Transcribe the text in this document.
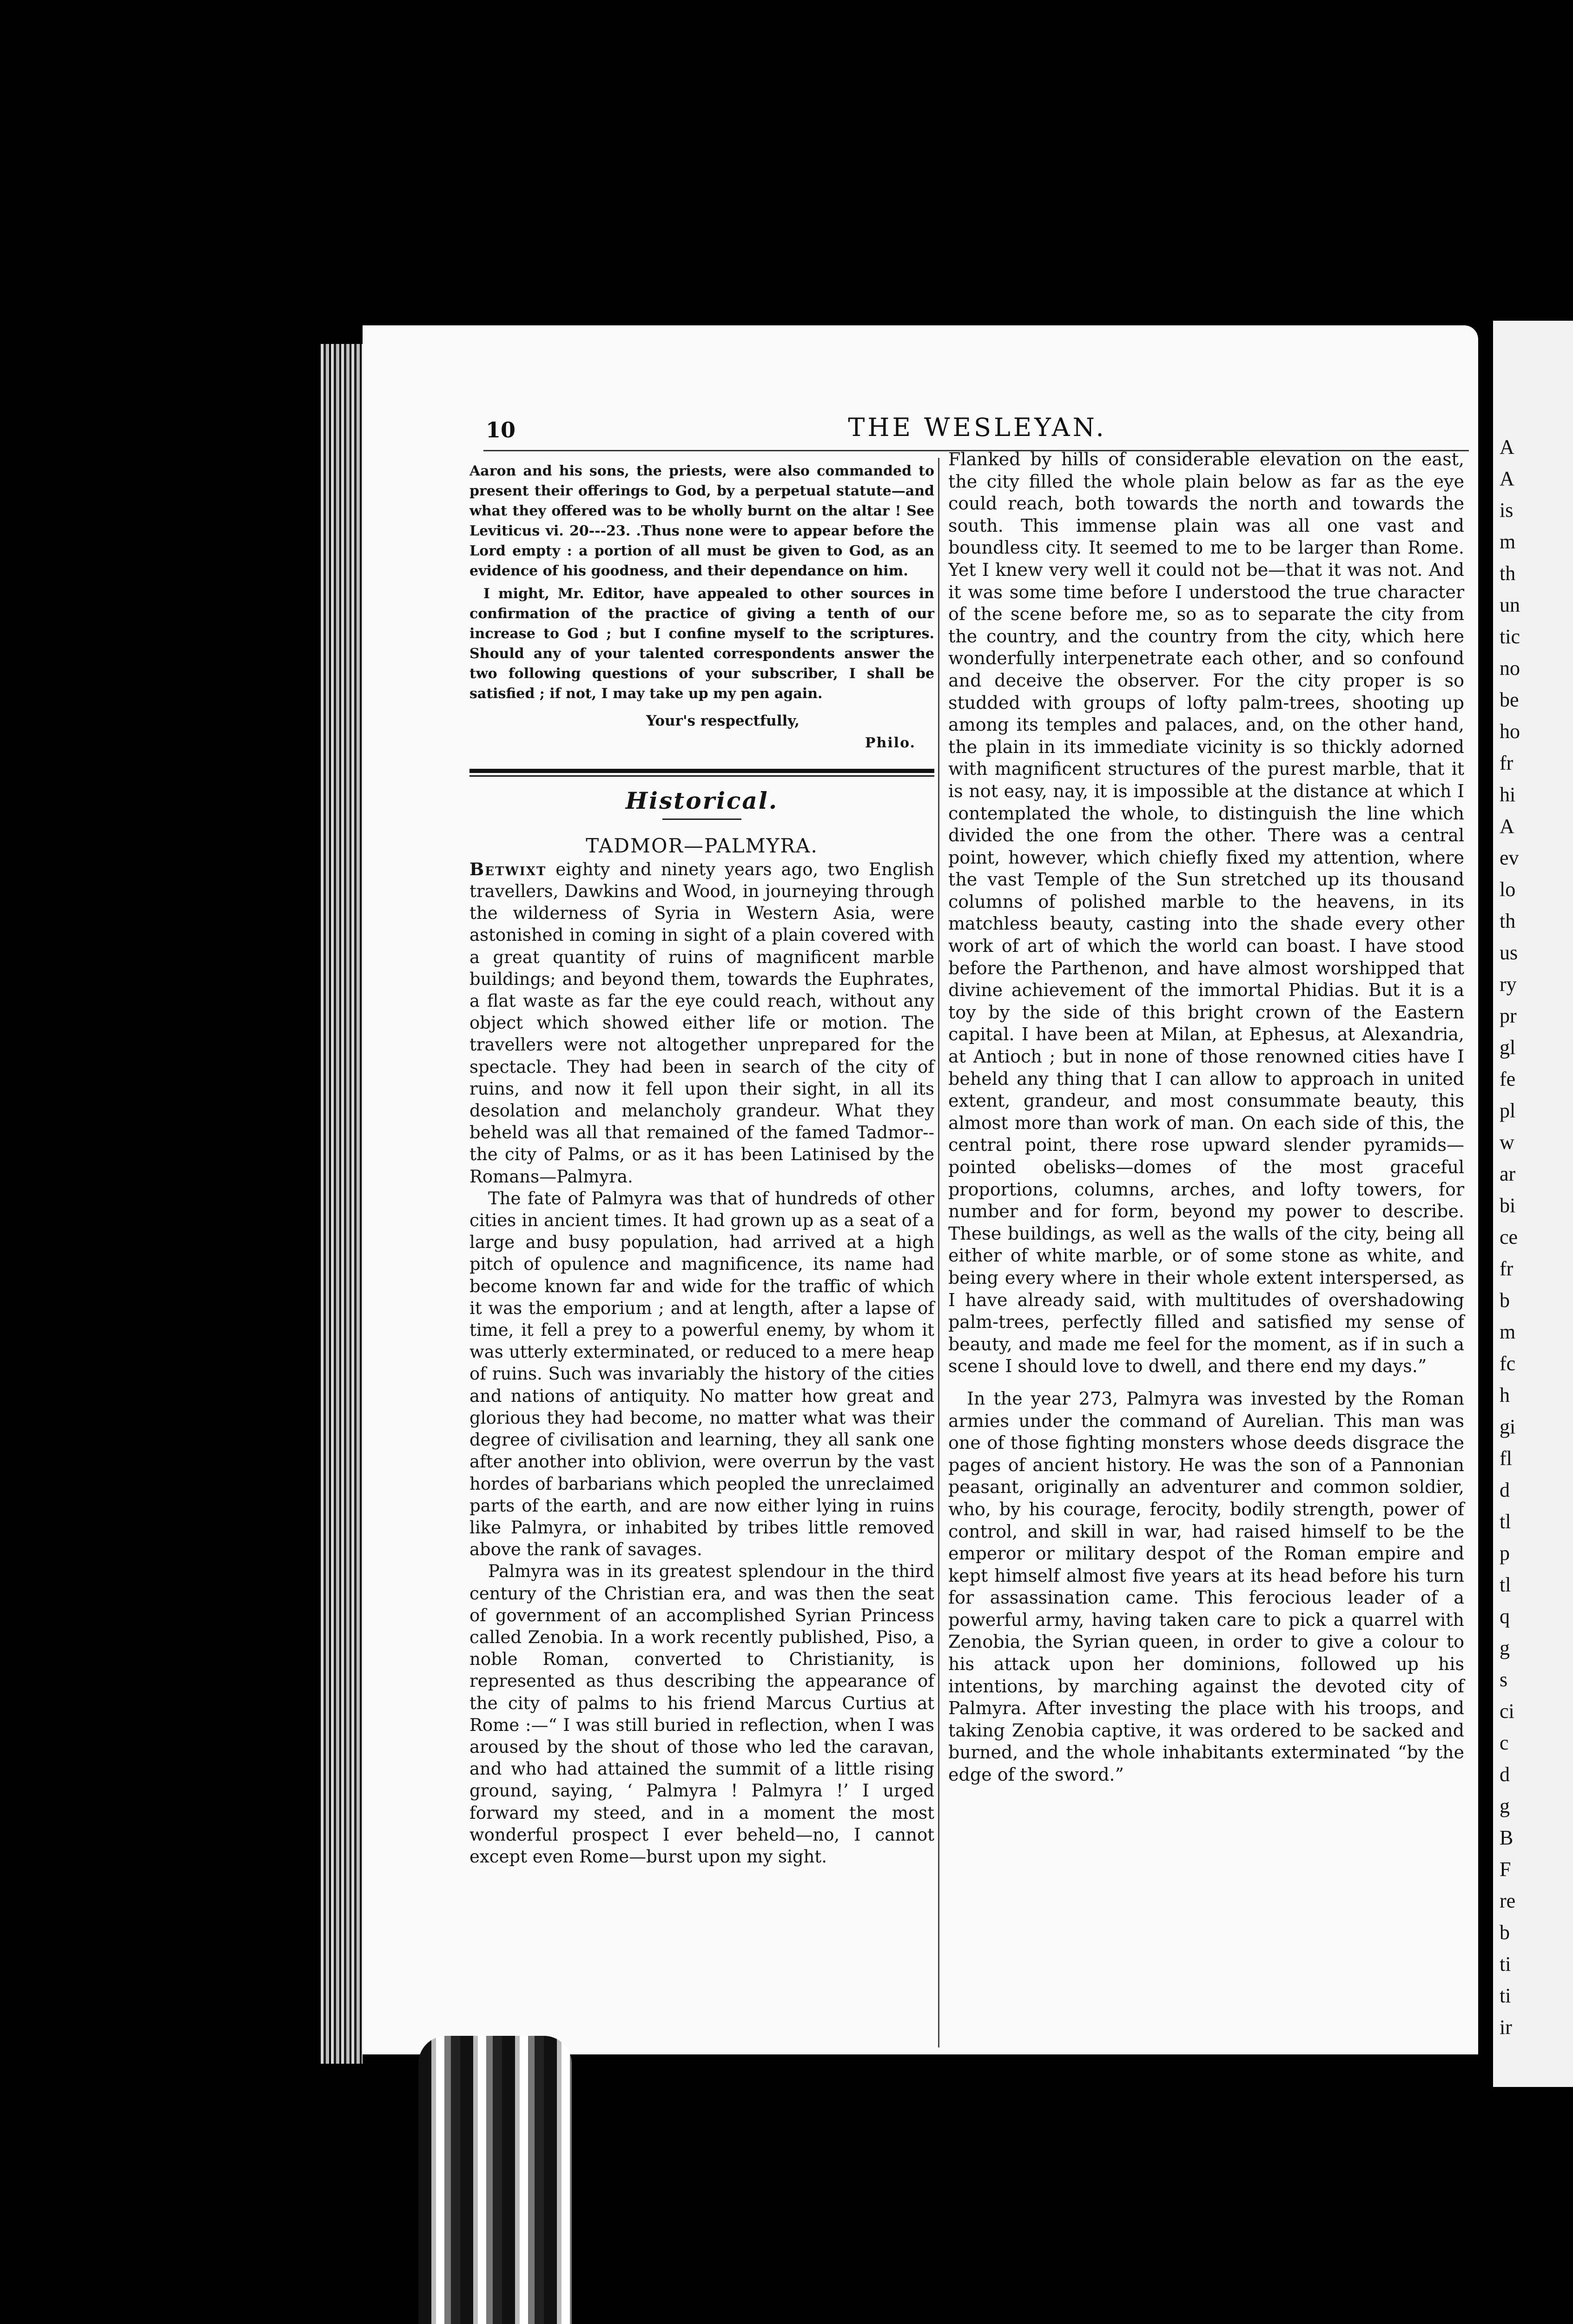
A
A
is
m
th
un
tic
no
be
ho
fr
hi
A
ev
lo
th
us
ry
pr
gl
fe
pl
w
ar
bi
ce
fr
b
m
fc
h
gi
fl
d
tl
p
tl
q
g
s
ci
c
d
g
B
F
re
b
ti
ti
ir
10	THE WESLEYAN.

Aaron and his sons, the priests, were also commanded to present their offerings to God, by a perpetual statute—and what they offered was to be wholly burnt on the altar ! See Leviticus vi. 20---23. .Thus none were to appear before the Lord empty : a portion of all must be given to God, as an evidence of his goodness, and their dependance on him.

I might, Mr. Editor, have appealed to other sources in confirmation of the practice of giving a tenth of our increase to God ; but I confine myself to the scriptures. Should any of your talented correspondents answer the two following questions of your subscriber, I shall be satisfied ; if not, I may take up my pen again.

Your's respectfully,

Philo.

Historical.
TADMOR—PALMYRA.

Betwixt eighty and ninety years ago, two English travellers, Dawkins and Wood, in journeying through the wilderness of Syria in Western Asia, were astonished in coming in sight of a plain covered with a great quantity of ruins of magnificent marble buildings; and beyond them, towards the Euphrates, a flat waste as far the eye could reach, without any object which showed either life or motion. The travellers were not altogether unprepared for the spectacle. They had been in search of the city of ruins, and now it fell upon their sight, in all its desolation and melancholy grandeur. What they beheld was all that remained of the famed Tadmor--the city of Palms, or as it has been Latinised by the Romans—Palmyra.

The fate of Palmyra was that of hundreds of other cities in ancient times. It had grown up as a seat of a large and busy population, had arrived at a high pitch of opulence and magnificence, its name had become known far and wide for the traffic of which it was the emporium ; and at length, after a lapse of time, it fell a prey to a powerful enemy, by whom it was utterly exterminated, or reduced to a mere heap of ruins. Such was invariably the history of the cities and nations of antiquity. No matter how great and glorious they had become, no matter what was their degree of civilisation and learning, they all sank one after another into oblivion, were overrun by the vast hordes of barbarians which peopled the unreclaimed parts of the earth, and are now either lying in ruins like Palmyra, or inhabited by tribes little removed above the rank of savages.

Palmyra was in its greatest splendour in the third century of the Christian era, and was then the seat of government of an accomplished Syrian Princess called Zenobia. In a work recently published, Piso, a noble Roman, converted to Christianity, is represented as thus describing the appearance of the city of palms to his friend Marcus Curtius at Rome :—“ I was still buried in reflection, when I was aroused by the shout of those who led the caravan, and who had attained the summit of a little rising ground, saying, ‘ Palmyra ! Palmyra !’ I urged forward my steed, and in a moment the most wonderful prospect I ever beheld—no, I cannot except even Rome—burst upon my sight.

Flanked by hills of considerable elevation on the east, the city filled the whole plain below as far as the eye could reach, both towards the north and towards the south. This immense plain was all one vast and boundless city. It seemed to me to be larger than Rome. Yet I knew very well it could not be—that it was not. And it was some time before I understood the true character of the scene before me, so as to separate the city from the country, and the country from the city, which here wonderfully interpenetrate each other, and so confound and deceive the observer. For the city proper is so studded with groups of lofty palm-trees, shooting up among its temples and palaces, and, on the other hand, the plain in its immediate vicinity is so thickly adorned with magnificent structures of the purest marble, that it is not easy, nay, it is impossible at the distance at which I contemplated the whole, to distinguish the line which divided the one from the other. There was a central point, however, which chiefly fixed my attention, where the vast Temple of the Sun stretched up its thousand columns of polished marble to the heavens, in its matchless beauty, casting into the shade every other work of art of which the world can boast. I have stood before the Parthenon, and have almost worshipped that divine achievement of the immortal Phidias. But it is a toy by the side of this bright crown of the Eastern capital. I have been at Milan, at Ephesus, at Alexandria, at Antioch ; but in none of those renowned cities have I beheld any thing that I can allow to approach in united extent, grandeur, and most consummate beauty, this almost more than work of man. On each side of this, the central point, there rose upward slender pyramids—pointed obelisks—domes of the most graceful proportions, columns, arches, and lofty towers, for number and for form, beyond my power to describe. These buildings, as well as the walls of the city, being all either of white marble, or of some stone as white, and being every where in their whole extent interspersed, as I have already said, with multitudes of overshadowing palm-trees, perfectly filled and satisfied my sense of beauty, and made me feel for the moment, as if in such a scene I should love to dwell, and there end my days.”

In the year 273, Palmyra was invested by the Roman armies under the command of Aurelian. This man was one of those fighting monsters whose deeds disgrace the pages of ancient history. He was the son of a Pannonian peasant, originally an adventurer and common soldier, who, by his courage, ferocity, bodily strength, power of control, and skill in war, had raised himself to be the emperor or military despot of the Roman empire and kept himself almost five years at its head before his turn for assassination came. This ferocious leader of a powerful army, having taken care to pick a quarrel with Zenobia, the Syrian queen, in order to give a colour to his attack upon her dominions, followed up his intentions, by marching against the devoted city of Palmyra. After investing the place with his troops, and taking Zenobia captive, it was ordered to be sacked and burned, and the whole inhabitants exterminated “by the edge of the sword.”
